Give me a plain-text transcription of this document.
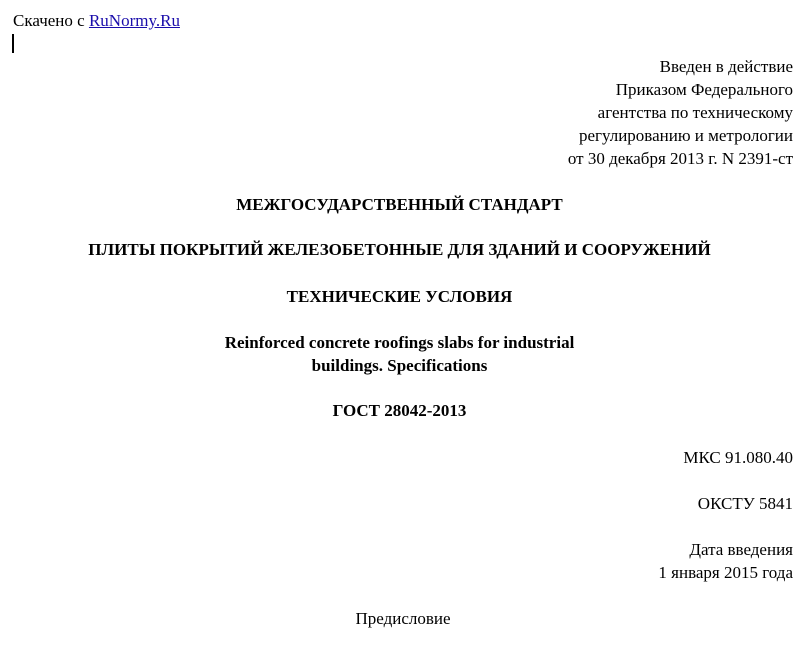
Скачено с RuNormy.Ru
Введен в действие
Приказом Федерального
агентства по техническому
регулированию и метрологии
от 30 декабря 2013 г. N 2391-ст
МЕЖГОСУДАРСТВЕННЫЙ СТАНДАРТ
ПЛИТЫ ПОКРЫТИЙ ЖЕЛЕЗОБЕТОННЫЕ ДЛЯ ЗДАНИЙ И СООРУЖЕНИЙ
ТЕХНИЧЕСКИЕ УСЛОВИЯ
Reinforced concrete roofings slabs for industrial
buildings. Specifications
ГОСТ 28042-2013
МКС 91.080.40
ОКСТУ 5841
Дата введения
1 января 2015 года
Предисловие
